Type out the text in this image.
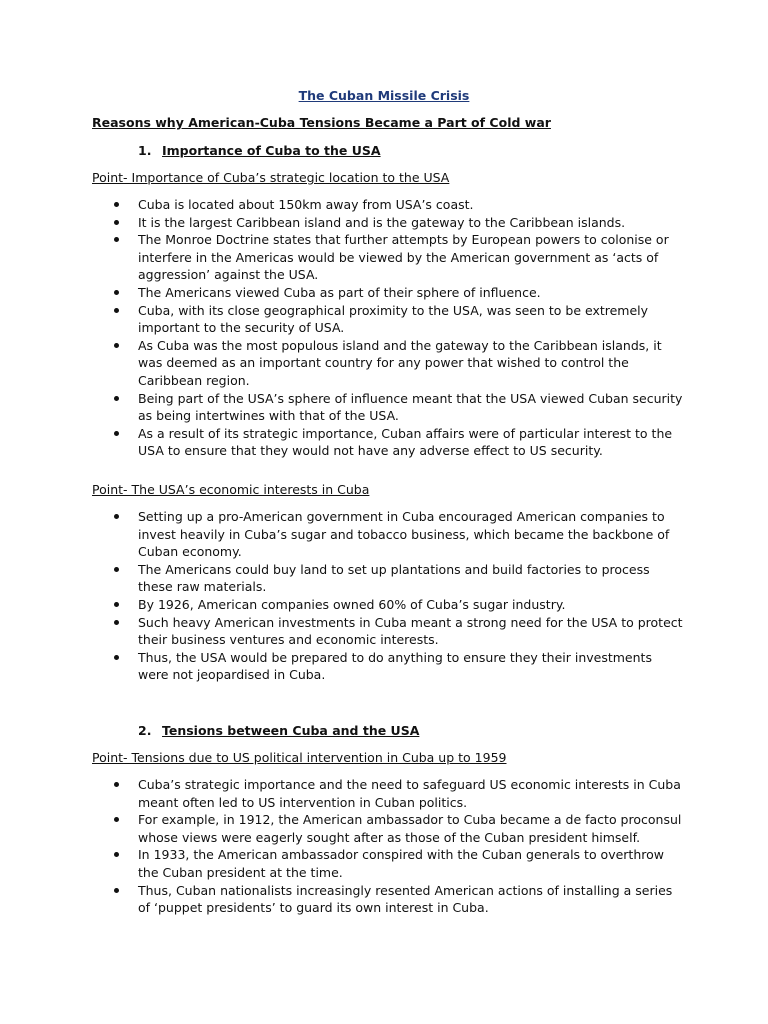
The Cuban Missile Crisis
Reasons why American-Cuba Tensions Became a Part of Cold war
1. Importance of Cuba to the USA
Point- Importance of Cuba’s strategic location to the USA
Cuba is located about 150km away from USA’s coast.
It is the largest Caribbean island and is the gateway to the Caribbean islands.
The Monroe Doctrine states that further attempts by European powers to colonise or interfere in the Americas would be viewed by the American government as ‘acts of aggression’ against the USA.
The Americans viewed Cuba as part of their sphere of influence.
Cuba, with its close geographical proximity to the USA, was seen to be extremely important to the security of USA.
As Cuba was the most populous island and the gateway to the Caribbean islands, it was deemed as an important country for any power that wished to control the Caribbean region.
Being part of the USA’s sphere of influence meant that the USA viewed Cuban security as being intertwines with that of the USA.
As a result of its strategic importance, Cuban affairs were of particular interest to the USA to ensure that they would not have any adverse effect to US security.
Point- The USA’s economic interests in Cuba
Setting up a pro-American government in Cuba encouraged American companies to invest heavily in Cuba’s sugar and tobacco business, which became the backbone of Cuban economy.
The Americans could buy land to set up plantations and build factories to process these raw materials.
By 1926, American companies owned 60% of Cuba’s sugar industry.
Such heavy American investments in Cuba meant a strong need for the USA to protect their business ventures and economic interests.
Thus, the USA would be prepared to do anything to ensure they their investments were not jeopardised in Cuba.
2. Tensions between Cuba and the USA
Point- Tensions due to US political intervention in Cuba up to 1959
Cuba’s strategic importance and the need to safeguard US economic interests in Cuba meant often led to US intervention in Cuban politics.
For example, in 1912, the American ambassador to Cuba became a de facto proconsul whose views were eagerly sought after as those of the Cuban president himself.
In 1933, the American ambassador conspired with the Cuban generals to overthrow the Cuban president at the time.
Thus, Cuban nationalists increasingly resented American actions of installing a series of ‘puppet presidents’ to guard its own interest in Cuba.
